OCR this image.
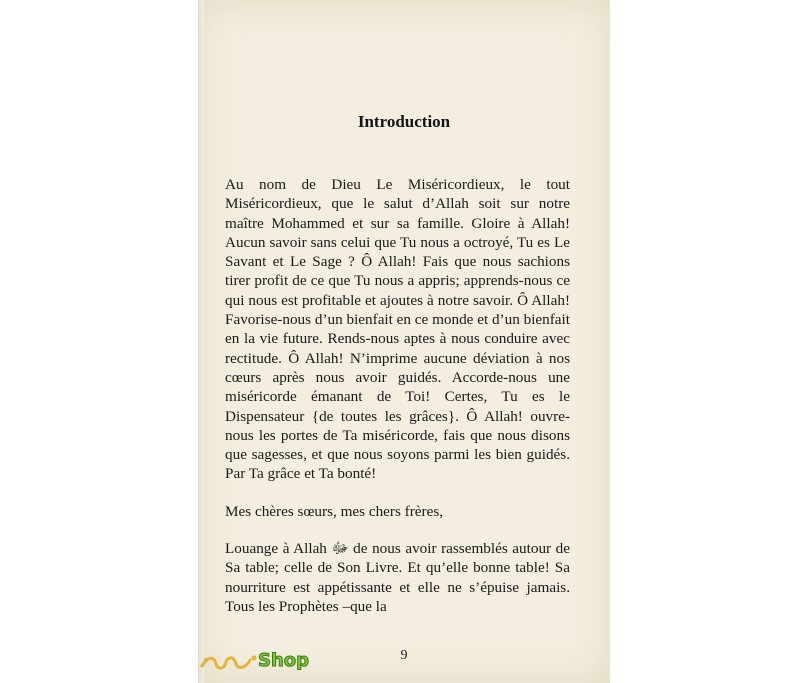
Introduction

Au nom de Dieu Le Miséricordieux, le tout Miséricordieux, que le salut d’Allah soit sur notre maître Mohammed et sur sa famille. Gloire à Allah! Aucun savoir sans celui que Tu nous a octroyé, Tu es Le Savant et Le Sage ? Ô Allah! Fais que nous sachions tirer profit de ce que Tu nous a appris; apprends-nous ce qui nous est profitable et ajoutes à notre savoir. Ô Allah! Favorise-nous d’un bienfait en ce monde et d’un bienfait en la vie future. Rends-nous aptes à nous conduire avec rectitude. Ô Allah! N’imprime aucune déviation à nos cœurs après nous avoir guidés. Accorde-nous une miséricorde émanant de Toi! Certes, Tu es le Dispensateur {de toutes les grâces}. Ô Allah! ouvre-nous les portes de Ta miséricorde, fais que nous disons que sagesses, et que nous soyons parmi les bien guidés. Par Ta grâce et Ta bonté!

Mes chères sœurs, mes chers frères,

Louange à Allah ﷻ de nous avoir rassemblés autour de Sa table; celle de Son Livre. Et qu’elle bonne table! Sa nourriture est appétissante et elle ne s’épuise jamais. Tous les Prophètes –que la

9
Shop
